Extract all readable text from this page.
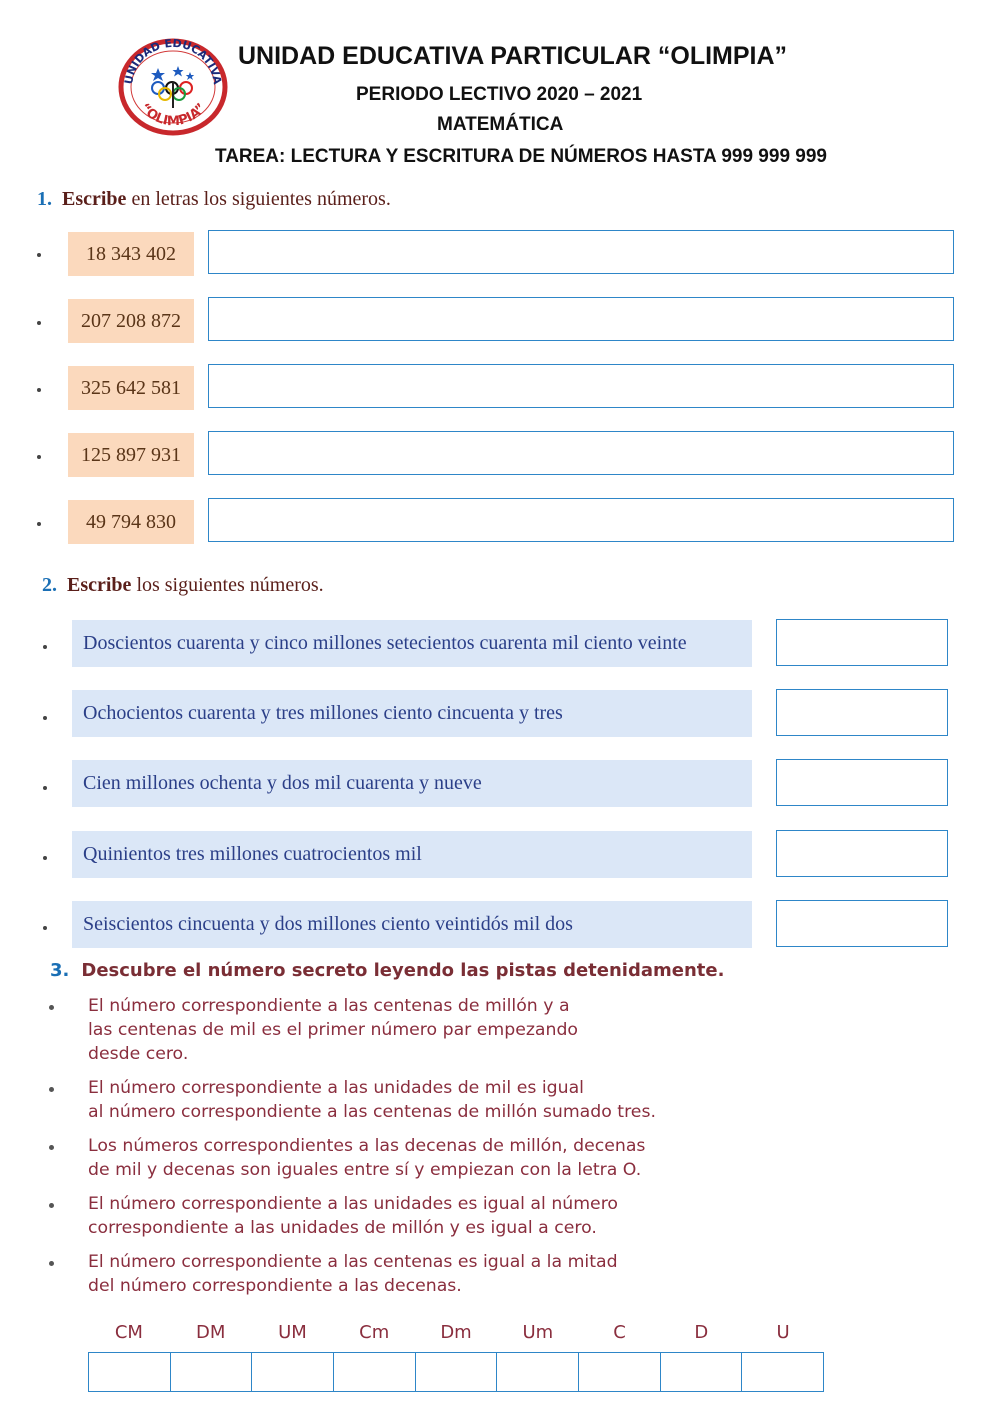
UNIDAD EDUCATIVA
“OLIMPIA”
UNIDAD EDUCATIVA PARTICULAR “OLIMPIA”
PERIODO LECTIVO 2020 – 2021
MATEMÁTICA
TAREA: LECTURA Y ESCRITURA DE NÚMEROS HASTA 999 999 999
1. Escribe en letras los siguientes números.
18 343 402
207 208 872
325 642 581
125 897 931
49 794 830
2. Escribe los siguientes números.
Doscientos cuarenta y cinco millones setecientos cuarenta mil ciento veinte
Ochocientos cuarenta y tres millones ciento cincuenta y tres
Cien millones ochenta y dos mil cuarenta y nueve
Quinientos tres millones cuatrocientos mil
Seiscientos cincuenta y dos millones ciento veintidós mil dos
3. Descubre el número secreto leyendo las pistas detenidamente.
El número correspondiente a las centenas de millón y a
las centenas de mil es el primer número par empezando
desde cero.
El número correspondiente a las unidades de mil es igual
al número correspondiente a las centenas de millón sumado tres.
Los números correspondientes a las decenas de millón, decenas
de mil y decenas son iguales entre sí y empiezan con la letra O.
El número correspondiente a las unidades es igual al número
correspondiente a las unidades de millón y es igual a cero.
El número correspondiente a las centenas es igual a la mitad
del número correspondiente a las decenas.
CM	DM	UM	Cm	Dm	Um	C	D	U
